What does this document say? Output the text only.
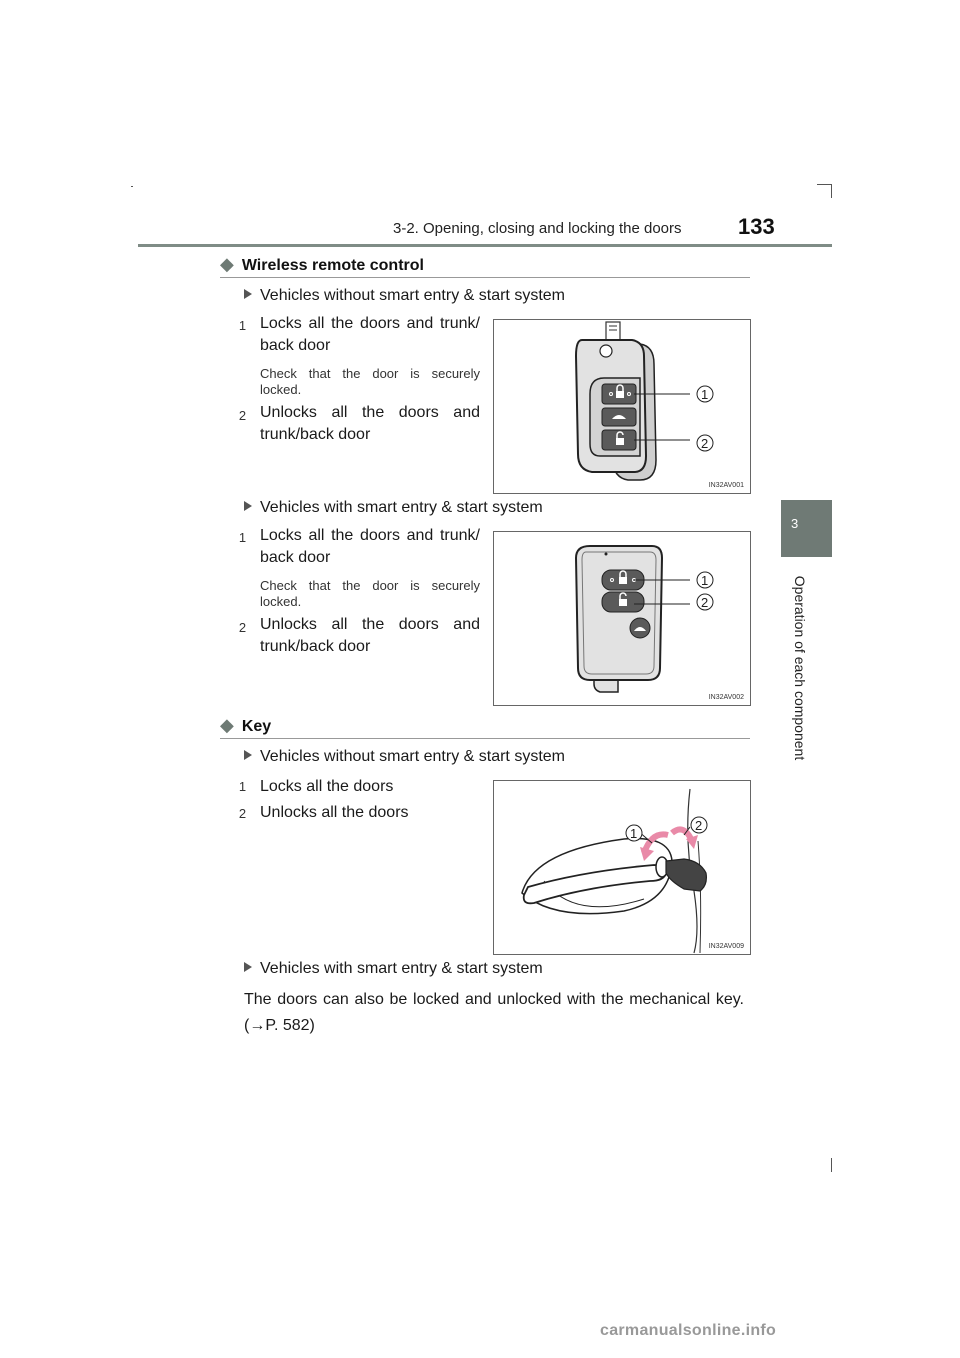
3-2. Opening, closing and locking the doors	133
3
Operation of each component
◆ Wireless remote control
Vehicles without smart entry & start system
1 Locks all the doors and trunk/ back door
Check that the door is securely locked.
2 Unlocks all the doors and trunk/back door
1
2
IN32AV001
Vehicles with smart entry & start system
1 Locks all the doors and trunk/ back door
Check that the door is securely locked.
2 Unlocks all the doors and trunk/back door
1
2
IN32AV002
◆ Key
Vehicles without smart entry & start system
1 Locks all the doors
2 Unlocks all the doors
1
2
IN32AV009
Vehicles with smart entry & start system
The doors can also be locked and unlocked with the mechanical key. (→P. 582)
carmanualsonline.info
